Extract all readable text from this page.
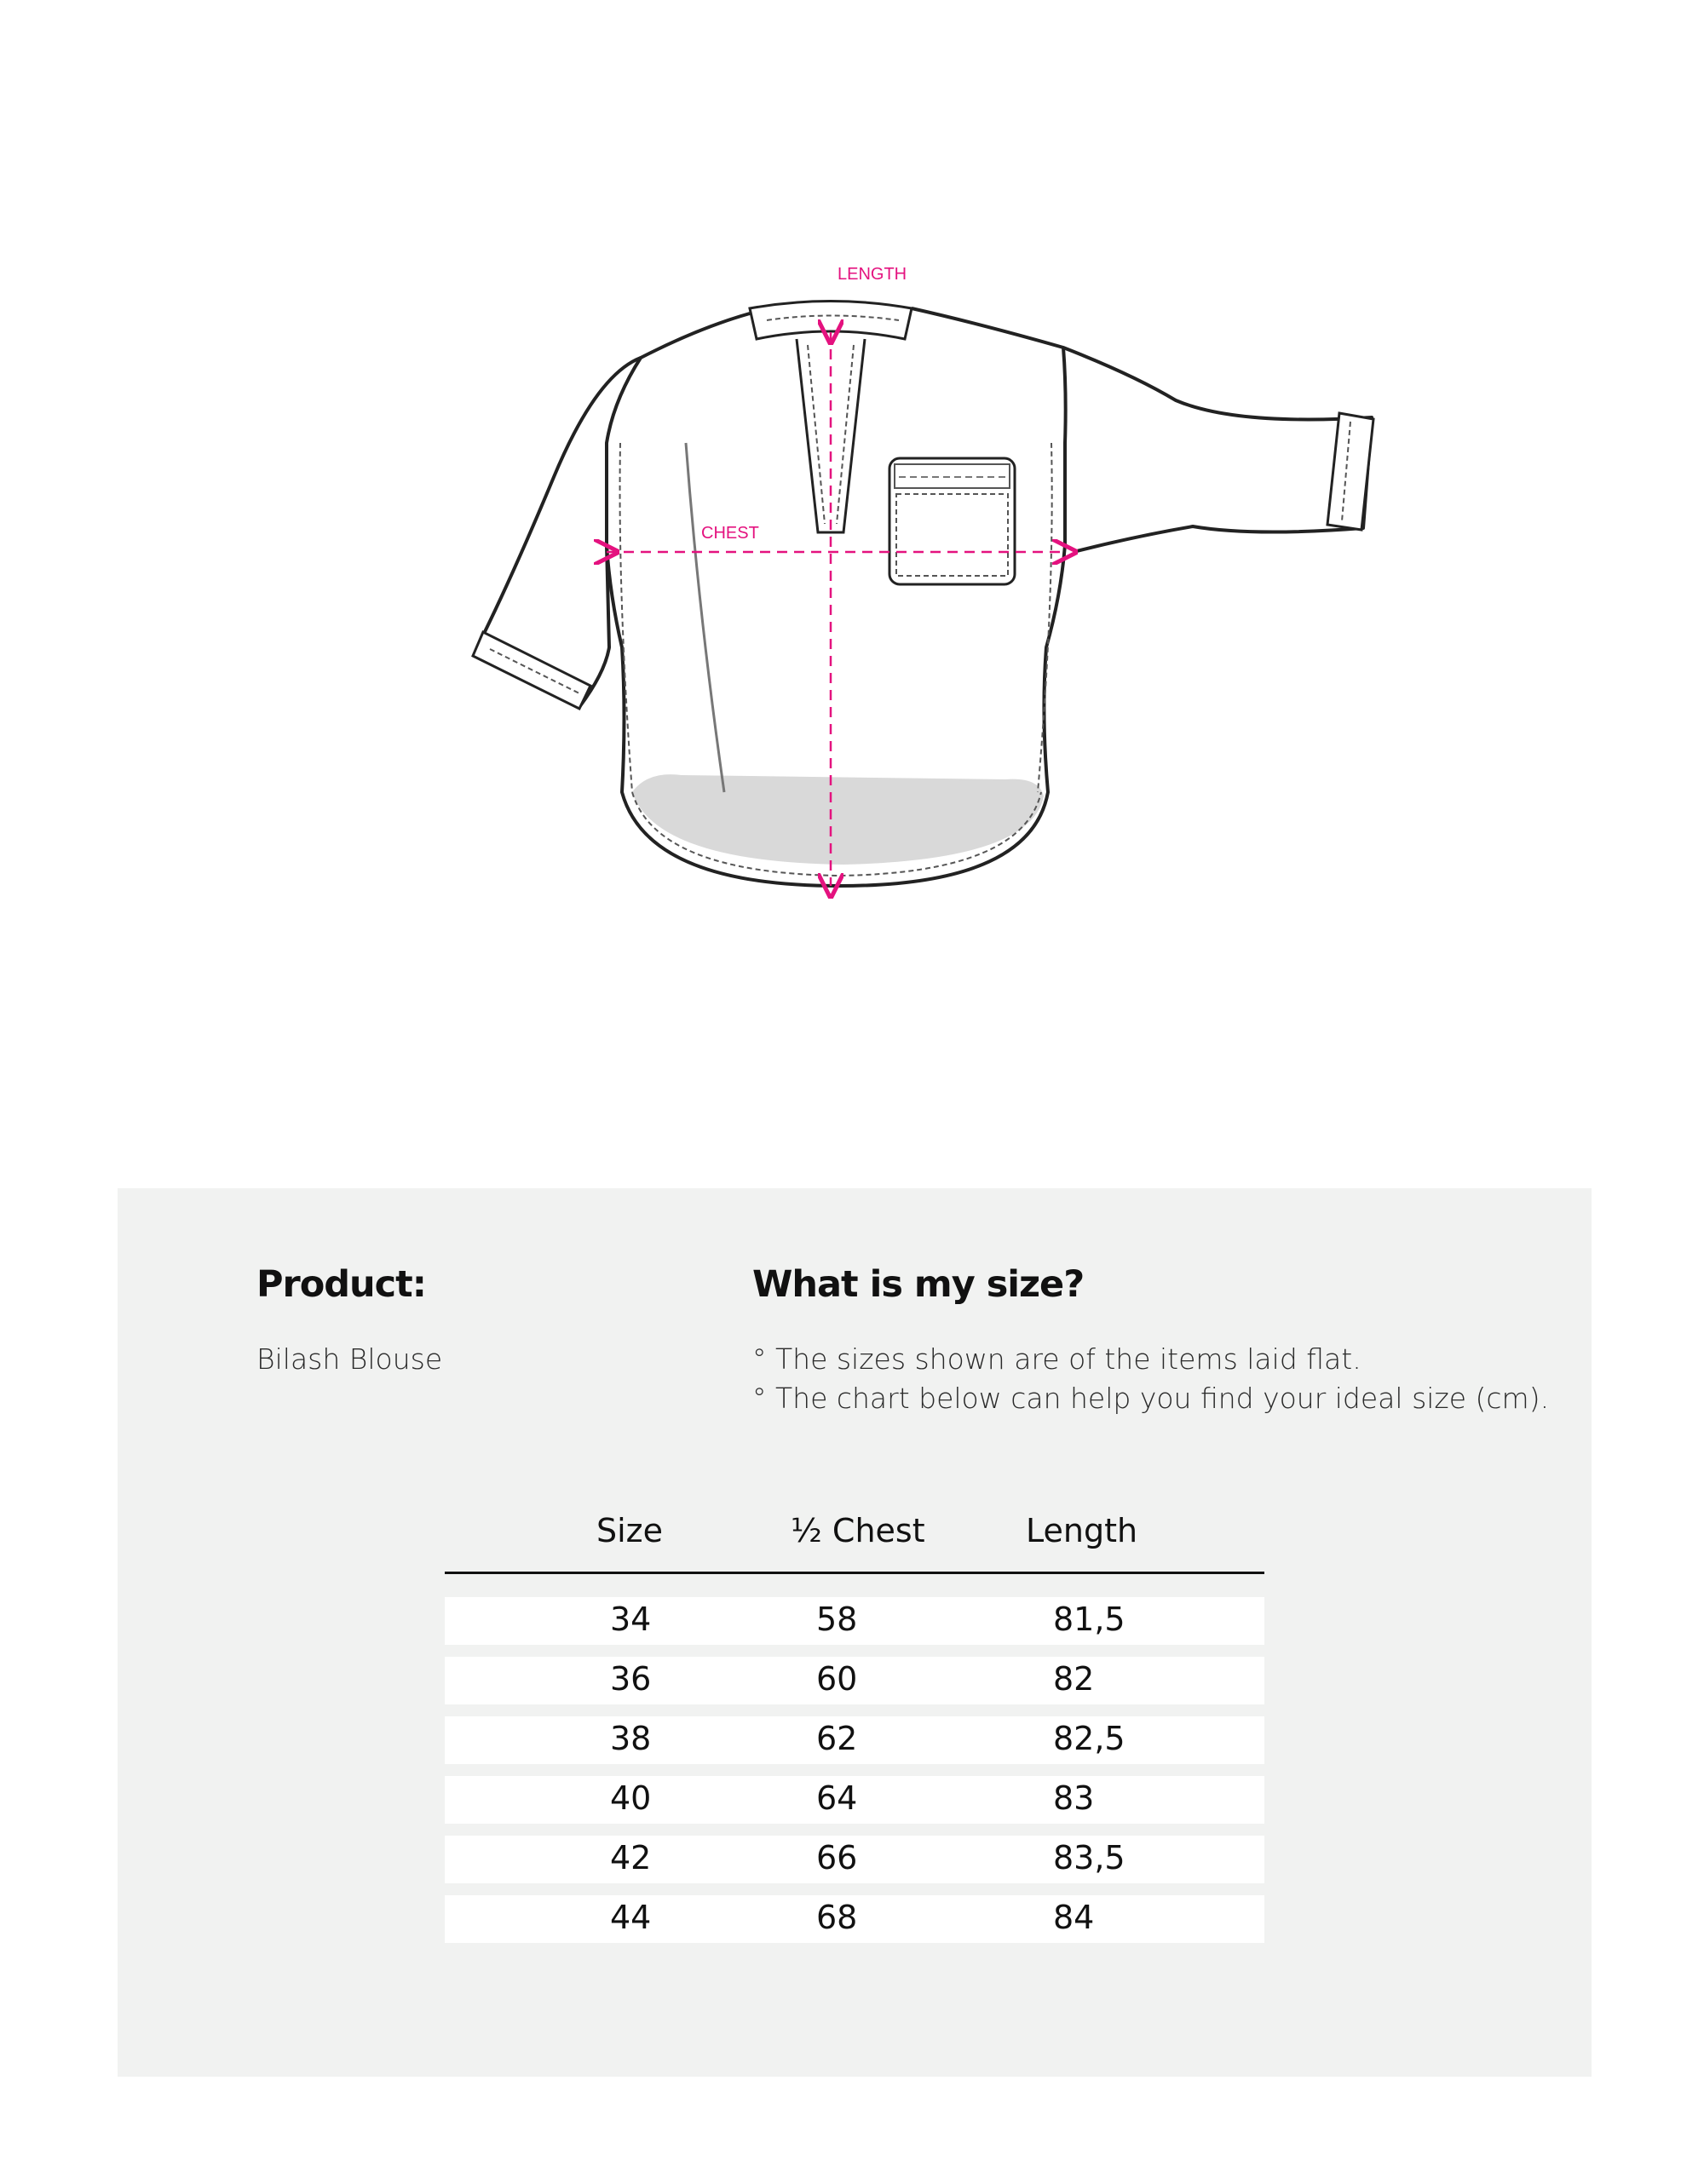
LENGTH
CHEST
Product:
Bilash Blouse
What is my size?
° The sizes shown are of the items laid flat.
° The chart below can help you find your ideal size (cm).
Size	½ Chest	Length
34	58	81,5
36	60	82
38	62	82,5
40	64	83
42	66	83,5
44	68	84
